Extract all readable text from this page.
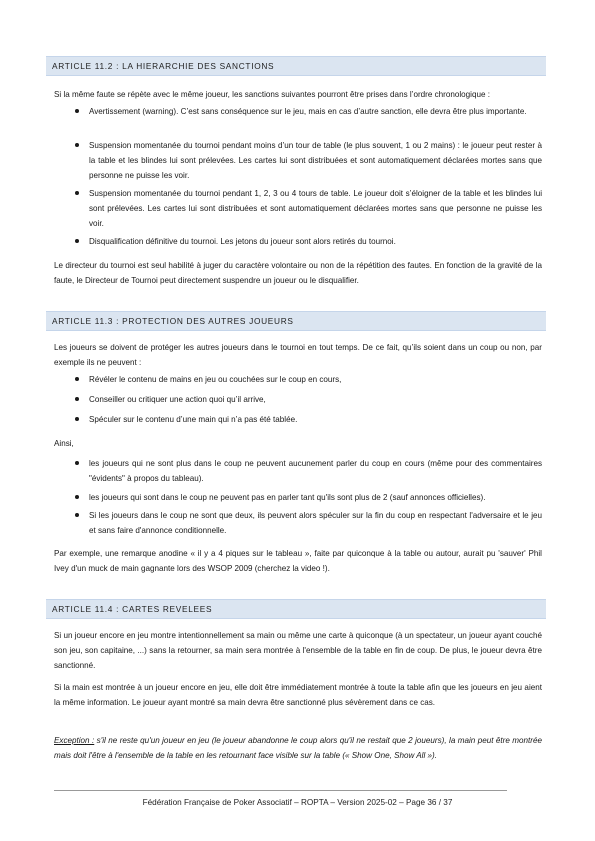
ARTICLE 11.2 : LA HIERARCHIE DES SANCTIONS

Si la même faute se répète avec le même joueur, les sanctions suivantes pourront être prises dans l’ordre chronologique :

Avertissement (warning). C’est sans conséquence sur le jeu, mais en cas d’autre sanction, elle devra être plus importante.
Suspension momentanée du tournoi pendant moins d’un tour de table (le plus souvent, 1 ou 2 mains) : le joueur peut rester à la table et les blindes lui sont prélevées. Les cartes lui sont distribuées et sont automatiquement déclarées mortes sans que personne ne puisse les voir.
Suspension momentanée du tournoi pendant 1, 2, 3 ou 4 tours de table. Le joueur doit s’éloigner de la table et les blindes lui sont prélevées. Les cartes lui sont distribuées et sont automatiquement déclarées mortes sans que personne ne puisse les voir.
Disqualification définitive du tournoi. Les jetons du joueur sont alors retirés du tournoi.

Le directeur du tournoi est seul habilité à juger du caractère volontaire ou non de la répétition des fautes. En fonction de la gravité de la faute, le Directeur de Tournoi peut directement suspendre un joueur ou le disqualifier.

ARTICLE 11.3 : PROTECTION DES AUTRES JOUEURS

Les joueurs se doivent de protéger les autres joueurs dans le tournoi en tout temps. De ce fait, qu’ils soient dans un coup ou non, par exemple ils ne peuvent :

Révéler le contenu de mains en jeu ou couchées sur le coup en cours,
Conseiller ou critiquer une action quoi qu’il arrive,
Spéculer sur le contenu d’une main qui n’a pas été tablée.

Ainsi,

les joueurs qui ne sont plus dans le coup ne peuvent aucunement parler du coup en cours (même pour des commentaires "évidents" à propos du tableau).
les joueurs qui sont dans le coup ne peuvent pas en parler tant qu'ils sont plus de 2 (sauf annonces officielles).
Si les joueurs dans le coup ne sont que deux, ils peuvent alors spéculer sur la fin du coup en respectant l'adversaire et le jeu et sans faire d'annonce conditionnelle.

Par exemple, une remarque anodine « il y a 4 piques sur le tableau », faite par quiconque à la table ou autour, aurait pu 'sauver' Phil Ivey d'un muck de main gagnante lors des WSOP 2009 (cherchez la video !).

ARTICLE 11.4 : CARTES REVELEES

Si un joueur encore en jeu montre intentionnellement sa main ou même une carte à quiconque (à un spectateur, un joueur ayant couché son jeu, son capitaine, ...) sans la retourner, sa main sera montrée à l'ensemble de la table en fin de coup. De plus, le joueur devra être sanctionné.

Si la main est montrée à un joueur encore en jeu, elle doit être immédiatement montrée à toute la table afin que les joueurs en jeu aient la même information. Le joueur ayant montré sa main devra être sanctionné plus sévèrement dans ce cas.

Exception : s'il ne reste qu'un joueur en jeu (le joueur abandonne le coup alors qu'il ne restait que 2 joueurs), la main peut être montrée mais doit l'être à l'ensemble de la table en les retournant face visible sur la table (« Show One, Show All »).

Fédération Française de Poker Associatif – ROPTA – Version 2025-02 – Page 36 / 37
